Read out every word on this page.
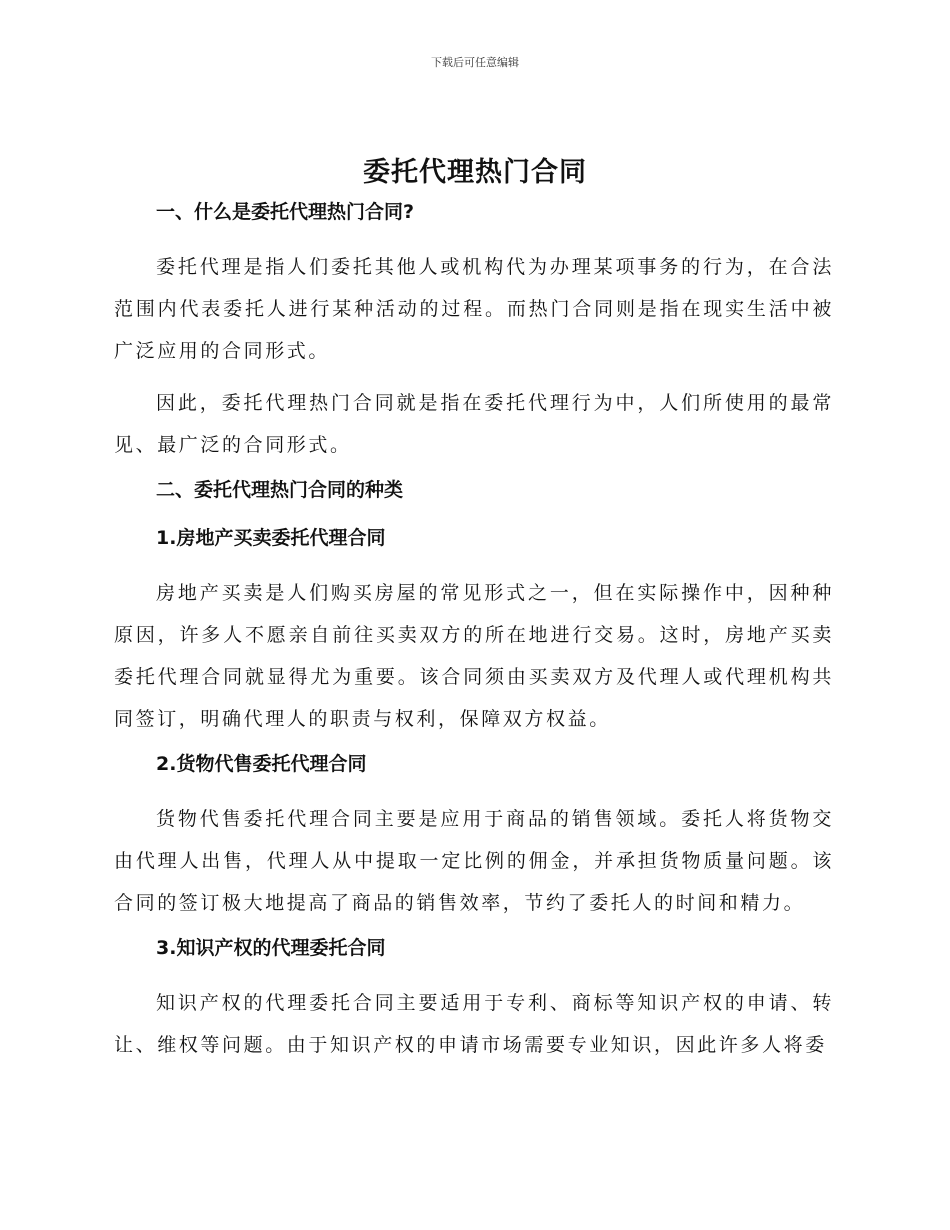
下载后可任意编辑
委托代理热门合同
一、什么是委托代理热门合同?

委托代理是指人们委托其他人或机构代为办理某项事务的行为，在合法范围内代表委托人进行某种活动的过程。而热门合同则是指在现实生活中被广泛应用的合同形式。

因此，委托代理热门合同就是指在委托代理行为中，人们所使用的最常见、最广泛的合同形式。

二、委托代理热门合同的种类
1.房地产买卖委托代理合同

房地产买卖是人们购买房屋的常见形式之一，但在实际操作中，因种种原因，许多人不愿亲自前往买卖双方的所在地进行交易。这时，房地产买卖委托代理合同就显得尤为重要。该合同须由买卖双方及代理人或代理机构共同签订，明确代理人的职责与权利，保障双方权益。

2.货物代售委托代理合同

货物代售委托代理合同主要是应用于商品的销售领域。委托人将货物交由代理人出售，代理人从中提取一定比例的佣金，并承担货物质量问题。该合同的签订极大地提高了商品的销售效率，节约了委托人的时间和精力。

3.知识产权的代理委托合同

知识产权的代理委托合同主要适用于专利、商标等知识产权的申请、转让、维权等问题。由于知识产权的申请市场需要专业知识，因此许多人将委
